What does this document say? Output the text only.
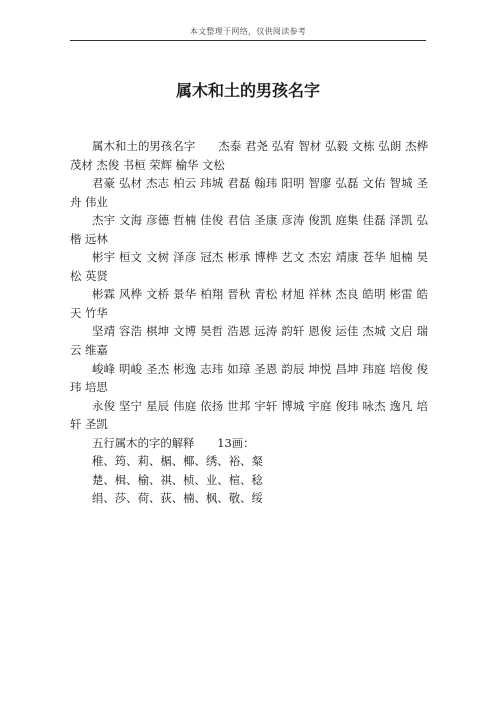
本文整理于网络，仅供阅读参考
属木和土的男孩名字

属木和土的男孩名字　　杰泰 君尧 弘宥 智材 弘毅 文栋 弘朗 杰桦 茂材 杰俊 书桓 荣辉 榆华 文松

君豪 弘材 杰志 柏云 玮城 君磊 翰玮 阳明 智廖 弘磊 文佑 智城 圣舟 伟业

杰宇 文海 彦德 哲楠 佳俊 君信 圣康 彦涛 俊凯 庭集 佳磊 泽凯 弘楷 远林

彬宇 桓文 文树 泽彦 冠杰 彬承 博桦 艺文 杰宏 靖康 苍华 旭楠 昊松 英贤

彬霖 风桦 文桥 景华 柏翔 晋秋 青松 材旭 祥林 杰良 皓明 彬雷 皓天 竹华

坚靖 容浩 棋坤 文博 昊哲 浩恩 远涛 韵轩 恩俊 运佳 杰城 文启 瑞云 维嘉

峻峰 明峻 圣杰 彬逸 志玮 如璋 圣恩 韵辰 坤悦 昌坤 玮庭 培俊 俊玮 培思

永俊 坚宁 星辰 伟庭 依扬 世邦 宇轩 博城 宇庭 俊玮 咏杰 逸凡 培轩 圣凯

五行属木的字的解释　　13画：

稚、筠、莉、榍、椰、绣、裕、粲

楚、楫、榆、祺、桢、业、楦、稔

绢、莎、荷、荻、楠、枫、敬、绥
